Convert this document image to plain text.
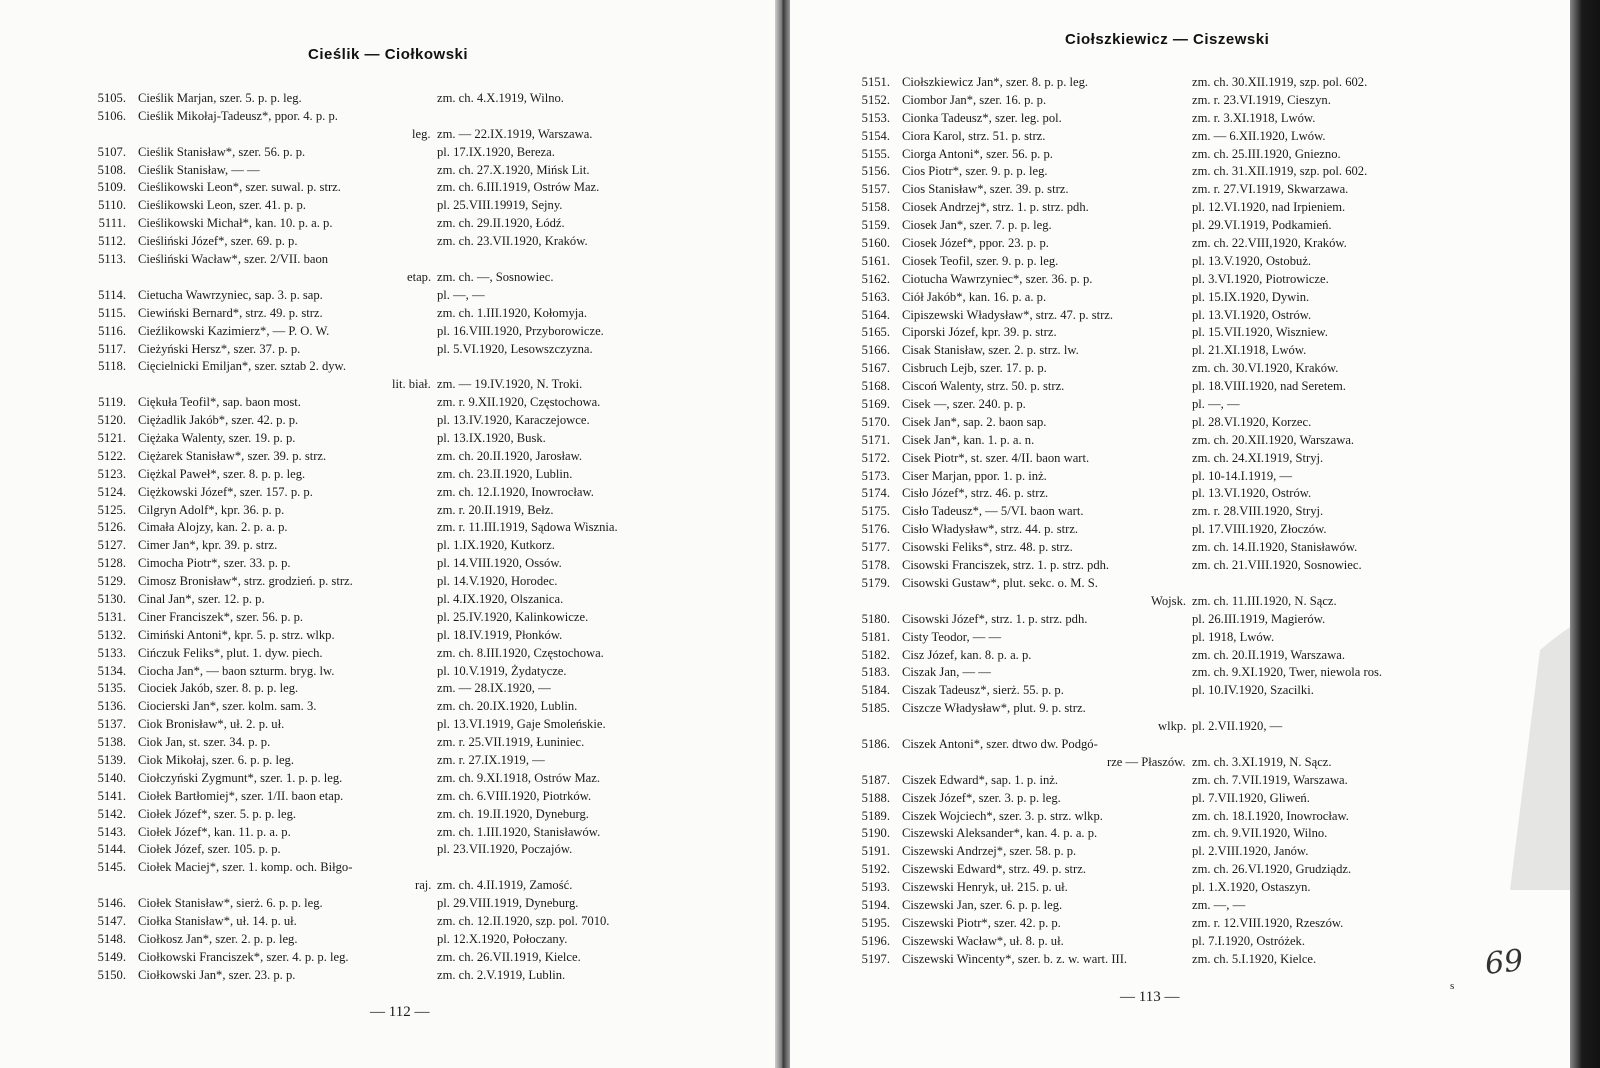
Cieślik — Ciołkowski
5105. Cieślik Marjan, szer. 5. p. p. leg.	zm. ch. 4.X.1919, Wilno.
5106. Cieślik Mikołaj-Tadeusz*, ppor. 4. p. p.
leg. zm. — 22.IX.1919, Warszawa.
5107. Cieślik Stanisław*, szer. 56. p. p.	pl. 17.IX.1920, Bereza.
5108. Cieślik Stanisław, — —	zm. ch. 27.X.1920, Mińsk Lit.
5109. Cieślikowski Leon*, szer. suwal. p. strz.	zm. ch. 6.III.1919, Ostrów Maz.
5110. Cieślikowski Leon, szer. 41. p. p.	pl. 25.VIII.19919, Sejny.
5111. Cieślikowski Michał*, kan. 10. p. a. p.	zm. ch. 29.II.1920, Łódź.
5112. Cieśliński Józef*, szer. 69. p. p.	zm. ch. 23.VII.1920, Kraków.
5113. Cieśliński Wacław*, szer. 2/VII. baon
etap. zm. ch. —, Sosnowiec.
5114. Cietucha Wawrzyniec, sap. 3. p. sap.	pl. —, —
5115. Ciewiński Bernard*, strz. 49. p. strz.	zm. ch. 1.III.1920, Kołomyja.
5116. Cieźlikowski Kazimierz*, — P. O. W.	pl. 16.VIII.1920, Przyborowicze.
5117. Cieżyński Hersz*, szer. 37. p. p.	pl. 5.VI.1920, Lesowszczyzna.
5118. Cięcielnicki Emiljan*, szer. sztab 2. dyw.
lit. biał. zm. — 19.IV.1920, N. Troki.
5119. Ciękuła Teofil*, sap. baon most.	zm. r. 9.XII.1920, Częstochowa.
5120. Ciężadlik Jakób*, szer. 42. p. p.	pl. 13.IV.1920, Karaczejowce.
5121. Ciężaka Walenty, szer. 19. p. p.	pl. 13.IX.1920, Busk.
5122. Ciężarek Stanisław*, szer. 39. p. strz.	zm. ch. 20.II.1920, Jarosław.
5123. Ciężkal Paweł*, szer. 8. p. p. leg.	zm. ch. 23.II.1920, Lublin.
5124. Ciężkowski Józef*, szer. 157. p. p.	zm. ch. 12.I.1920, Inowrocław.
5125. Cilgryn Adolf*, kpr. 36. p. p.	zm. r. 20.II.1919, Bełz.
5126. Cimała Alojzy, kan. 2. p. a. p.	zm. r. 11.III.1919, Sądowa Wisznia.
5127. Cimer Jan*, kpr. 39. p. strz.	pl. 1.IX.1920, Kutkorz.
5128. Cimocha Piotr*, szer. 33. p. p.	pl. 14.VIII.1920, Ossów.
5129. Cimosz Bronisław*, strz. grodzień. p. strz.	pl. 14.V.1920, Horodec.
5130. Cinal Jan*, szer. 12. p. p.	pl. 4.IX.1920, Olszanica.
5131. Ciner Franciszek*, szer. 56. p. p.	pl. 25.IV.1920, Kalinkowicze.
5132. Cimiński Antoni*, kpr. 5. p. strz. wlkp.	pl. 18.IV.1919, Płonków.
5133. Cińczuk Feliks*, plut. 1. dyw. piech.	zm. ch. 8.III.1920, Częstochowa.
5134. Ciocha Jan*, — baon szturm. bryg. lw.	pl. 10.V.1919, Żydatycze.
5135. Ciociek Jakób, szer. 8. p. p. leg.	zm. — 28.IX.1920, —
5136. Ciocierski Jan*, szer. kolm. sam. 3.	zm. ch. 20.IX.1920, Lublin.
5137. Ciok Bronisław*, uł. 2. p. uł.	pl. 13.VI.1919, Gaje Smoleńskie.
5138. Ciok Jan, st. szer. 34. p. p.	zm. r. 25.VII.1919, Łuniniec.
5139. Ciok Mikołaj, szer. 6. p. p. leg.	zm. r. 27.IX.1919, —
5140. Ciołczyński Zygmunt*, szer. 1. p. p. leg.	zm. ch. 9.XI.1918, Ostrów Maz.
5141. Ciołek Bartłomiej*, szer. 1/II. baon etap.	zm. ch. 6.VIII.1920, Piotrków.
5142. Ciołek Józef*, szer. 5. p. p. leg.	zm. ch. 19.II.1920, Dyneburg.
5143. Ciołek Józef*, kan. 11. p. a. p.	zm. ch. 1.III.1920, Stanisławów.
5144. Ciołek Józef, szer. 105. p. p.	pl. 23.VII.1920, Poczajów.
5145. Ciołek Maciej*, szer. 1. komp. och. Biłgo-
raj. zm. ch. 4.II.1919, Zamość.
5146. Ciołek Stanisław*, sierż. 6. p. p. leg.	pl. 29.VIII.1919, Dyneburg.
5147. Ciołka Stanisław*, uł. 14. p. uł.	zm. ch. 12.II.1920, szp. pol. 7010.
5148. Ciołkosz Jan*, szer. 2. p. p. leg.	pl. 12.X.1920, Połoczany.
5149. Ciołkowski Franciszek*, szer. 4. p. p. leg.	zm. ch. 26.VII.1919, Kielce.
5150. Ciołkowski Jan*, szer. 23. p. p.	zm. ch. 2.V.1919, Lublin.
— 112 —
Ciołszkiewicz — Ciszewski
5151. Ciołszkiewicz Jan*, szer. 8. p. p. leg.	zm. ch. 30.XII.1919, szp. pol. 602.
5152. Ciombor Jan*, szer. 16. p. p.	zm. r. 23.VI.1919, Cieszyn.
5153. Cionka Tadeusz*, szer. leg. pol.	zm. r. 3.XI.1918, Lwów.
5154. Ciora Karol, strz. 51. p. strz.	zm. — 6.XII.1920, Lwów.
5155. Ciorga Antoni*, szer. 56. p. p.	zm. ch. 25.III.1920, Gniezno.
5156. Cios Piotr*, szer. 9. p. p. leg.	zm. ch. 31.XII.1919, szp. pol. 602.
5157. Cios Stanisław*, szer. 39. p. strz.	zm. r. 27.VI.1919, Skwarzawa.
5158. Ciosek Andrzej*, strz. 1. p. strz. pdh.	pl. 12.VI.1920, nad Irpieniem.
5159. Ciosek Jan*, szer. 7. p. p. leg.	pl. 29.VI.1919, Podkamień.
5160. Ciosek Józef*, ppor. 23. p. p.	zm. ch. 22.VIII,1920, Kraków.
5161. Ciosek Teofil, szer. 9. p. p. leg.	pl. 13.V.1920, Ostobuż.
5162. Ciotucha Wawrzyniec*, szer. 36. p. p.	pl. 3.VI.1920, Piotrowicze.
5163. Ciół Jakób*, kan. 16. p. a. p.	pl. 15.IX.1920, Dywin.
5164. Cipiszewski Władysław*, strz. 47. p. strz.	pl. 13.VI.1920, Ostrów.
5165. Ciporski Józef, kpr. 39. p. strz.	pl. 15.VII.1920, Wiszniew.
5166. Cisak Stanisław, szer. 2. p. strz. lw.	pl. 21.XI.1918, Lwów.
5167. Cisbruch Lejb, szer. 17. p. p.	zm. ch. 30.VI.1920, Kraków.
5168. Ciscoń Walenty, strz. 50. p. strz.	pl. 18.VIII.1920, nad Seretem.
5169. Cisek —, szer. 240. p. p.	pl. —, —
5170. Cisek Jan*, sap. 2. baon sap.	pl. 28.VI.1920, Korzec.
5171. Cisek Jan*, kan. 1. p. a. n.	zm. ch. 20.XII.1920, Warszawa.
5172. Cisek Piotr*, st. szer. 4/II. baon wart.	zm. ch. 24.XI.1919, Stryj.
5173. Ciser Marjan, ppor. 1. p. inż.	pl. 10-14.I.1919, —
5174. Cisło Józef*, strz. 46. p. strz.	pl. 13.VI.1920, Ostrów.
5175. Cisło Tadeusz*, — 5/VI. baon wart.	zm. r. 28.VIII.1920, Stryj.
5176. Cisło Władysław*, strz. 44. p. strz.	pl. 17.VIII.1920, Złoczów.
5177. Cisowski Feliks*, strz. 48. p. strz.	zm. ch. 14.II.1920, Stanisławów.
5178. Cisowski Franciszek, strz. 1. p. strz. pdh.	zm. ch. 21.VIII.1920, Sosnowiec.
5179. Cisowski Gustaw*, plut. sekc. o. M. S.
Wojsk. zm. ch. 11.III.1920, N. Sącz.
5180. Cisowski Józef*, strz. 1. p. strz. pdh.	pl. 26.III.1919, Magierów.
5181. Cisty Teodor, — —	pl. 1918, Lwów.
5182. Cisz Józef, kan. 8. p. a. p.	zm. ch. 20.II.1919, Warszawa.
5183. Ciszak Jan, — —	zm. ch. 9.XI.1920, Twer, niewola ros.
5184. Ciszak Tadeusz*, sierż. 55. p. p.	pl. 10.IV.1920, Szacilki.
5185. Ciszcze Władysław*, plut. 9. p. strz.
wlkp. pl. 2.VII.1920, —
5186. Ciszek Antoni*, szer. dtwo dw. Podgó-
rze — Płaszów. zm. ch. 3.XI.1919, N. Sącz.
5187. Ciszek Edward*, sap. 1. p. inż.	zm. ch. 7.VII.1919, Warszawa.
5188. Ciszek Józef*, szer. 3. p. p. leg.	pl. 7.VII.1920, Gliweń.
5189. Ciszek Wojciech*, szer. 3. p. strz. wlkp.	zm. ch. 18.I.1920, Inowrocław.
5190. Ciszewski Aleksander*, kan. 4. p. a. p.	zm. ch. 9.VII.1920, Wilno.
5191. Ciszewski Andrzej*, szer. 58. p. p.	pl. 2.VIII.1920, Janów.
5192. Ciszewski Edward*, strz. 49. p. strz.	zm. ch. 26.VI.1920, Grudziądz.
5193. Ciszewski Henryk, uł. 215. p. uł.	pl. 1.X.1920, Ostaszyn.
5194. Ciszewski Jan, szer. 6. p. p. leg.	zm. —, —
5195. Ciszewski Piotr*, szer. 42. p. p.	zm. r. 12.VIII.1920, Rzeszów.
5196. Ciszewski Wacław*, uł. 8. p. uł.	pl. 7.I.1920, Ostróżek.
5197. Ciszewski Wincenty*, szer. b. z. w. wart. III.	zm. ch. 5.I.1920, Kielce.
— 113 —
69
s
